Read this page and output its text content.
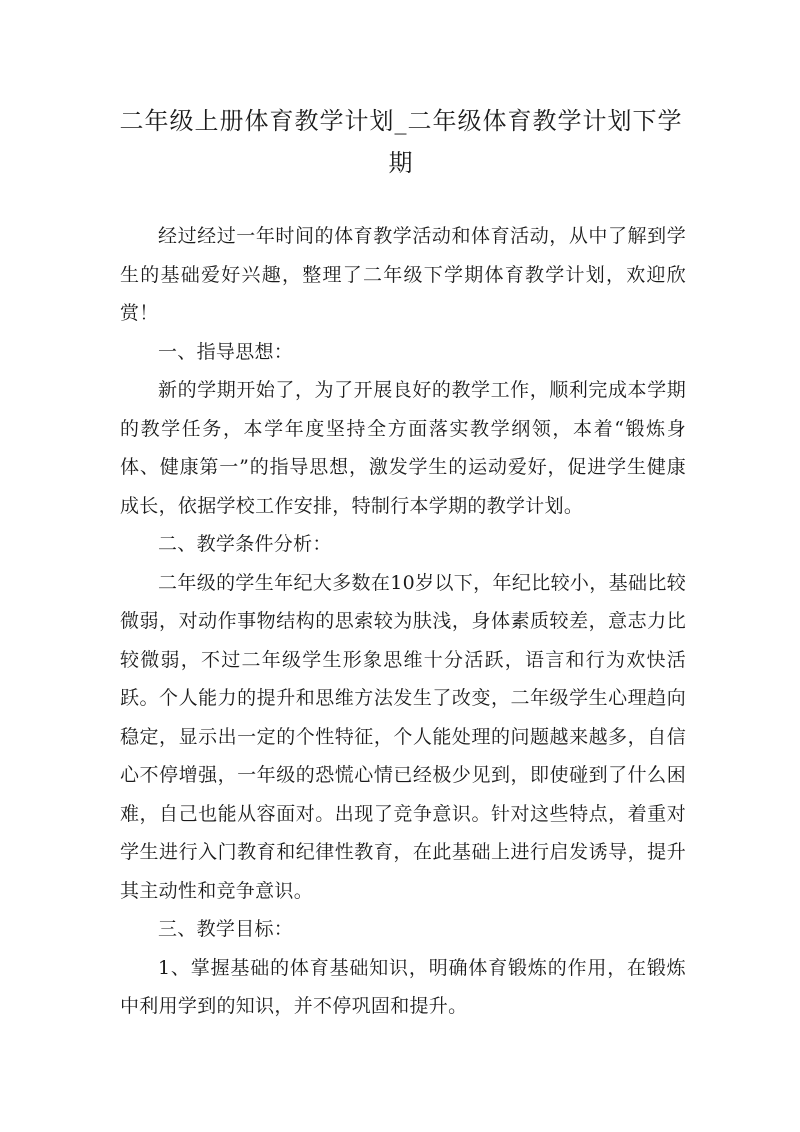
二年级上册体育教学计划_二年级体育教学计划下学期

经过经过一年时间的体育教学活动和体育活动，从中了解到学生的基础爱好兴趣，整理了二年级下学期体育教学计划，欢迎欣赏！

一、指导思想：

新的学期开始了，为了开展良好的教学工作，顺利完成本学期的教学任务，本学年度坚持全方面落实教学纲领，本着“锻炼身体、健康第一”的指导思想，激发学生的运动爱好，促进学生健康成长，依据学校工作安排，特制行本学期的教学计划。

二、教学条件分析：

二年级的学生年纪大多数在10岁以下，年纪比较小，基础比较微弱，对动作事物结构的思索较为肤浅，身体素质较差，意志力比较微弱，不过二年级学生形象思维十分活跃，语言和行为欢快活跃。个人能力的提升和思维方法发生了改变，二年级学生心理趋向稳定，显示出一定的个性特征，个人能处理的问题越来越多，自信心不停增强，一年级的恐慌心情已经极少见到，即使碰到了什么困难，自己也能从容面对。出现了竞争意识。针对这些特点，着重对学生进行入门教育和纪律性教育，在此基础上进行启发诱导，提升其主动性和竞争意识。

三、教学目标：

1、掌握基础的体育基础知识，明确体育锻炼的作用，在锻炼中利用学到的知识，并不停巩固和提升。
